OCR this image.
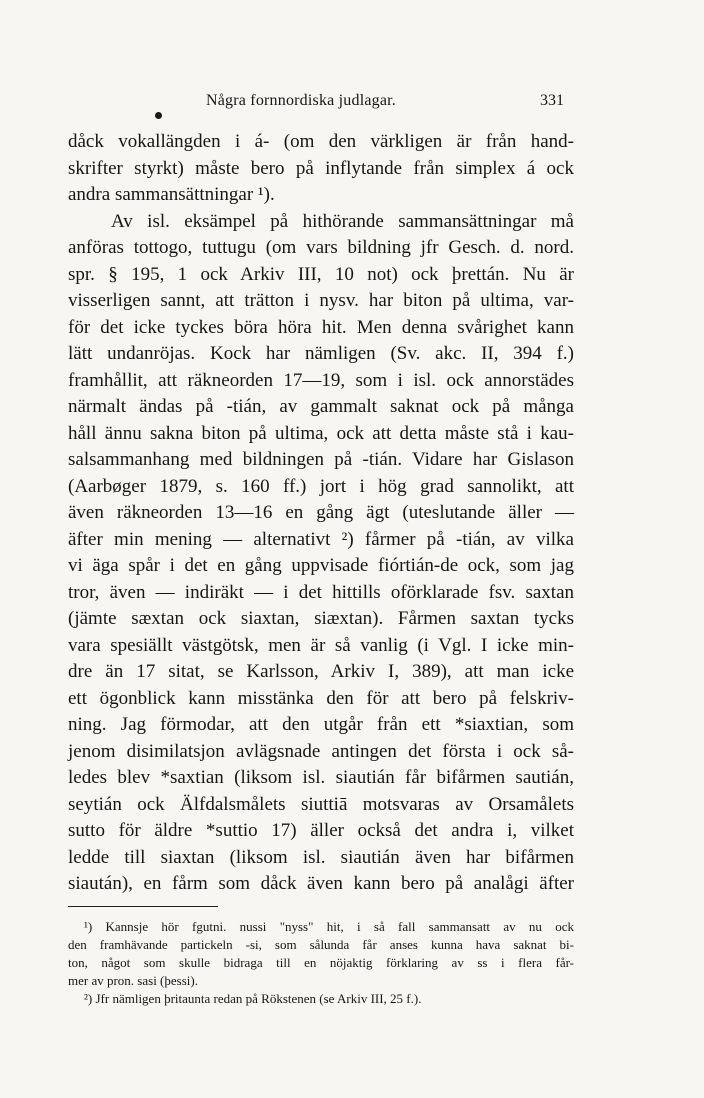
Några fornnordiska judlagar.	331
dåck vokallängden i á- (om den värkligen är från hand-
skrifter styrkt) måste bero på inflytande från simplex á ock
andra sammansättningar ¹).
Av isl. eksämpel på hithörande sammansättningar må
anföras tottogo, tuttugu (om vars bildning jfr Gesch. d. nord.
spr. § 195, 1 ock Arkiv III, 10 not) ock þrettán. Nu är
visserligen sannt, att trätton i nysv. har biton på ultima, var-
för det icke tyckes böra höra hit. Men denna svårighet kann
lätt undanröjas. Kock har nämligen (Sv. akc. II, 394 f.)
framhållit, att räkneorden 17—19, som i isl. ock annorstädes
närmalt ändas på -tián, av gammalt saknat ock på många
håll ännu sakna biton på ultima, ock att detta måste stå i kau-
salsammanhang med bildningen på -tián. Vidare har Gislason
(Aarbøger 1879, s. 160 ff.) jort i hög grad sannolikt, att
även räkneorden 13—16 en gång ägt (uteslutande äller —
äfter min mening — alternativt ²) fårmer på -tián, av vilka
vi äga spår i det en gång uppvisade fiórtián-de ock, som jag
tror, även — indiräkt — i det hittills oförklarade fsv. saxtan
(jämte sæxtan ock siaxtan, siæxtan). Fårmen saxtan tycks
vara spesiällt västgötsk, men är så vanlig (i Vgl. I icke min-
dre än 17 sitat, se Karlsson, Arkiv I, 389), att man icke
ett ögonblick kann misstänka den för att bero på felskriv-
ning. Jag förmodar, att den utgår från ett *siaxtian, som
jenom disimilatsjon avlägsnade antingen det första i ock så-
ledes blev *saxtian (liksom isl. siautián får bifårmen sautián,
seytián ock Älfdalsmålets siuttiā motsvaras av Orsamålets
sutto för äldre *suttio 17) äller också det andra i, vilket
ledde till siaxtan (liksom isl. siautián även har bifårmen
siaután), en fårm som dåck även kann bero på analågi äfter
¹) Kannsje hör fgutni. nussi "nyss" hit, i så fall sammansatt av nu ock
den framhävande partickeln -si, som sålunda får anses kunna hava saknat bi-
ton, något som skulle bidraga till en nöjaktig förklaring av ss i flera får-
mer av pron. sasi (þessi).
²) Jfr nämligen þritaunta redan på Rökstenen (se Arkiv III, 25 f.).
